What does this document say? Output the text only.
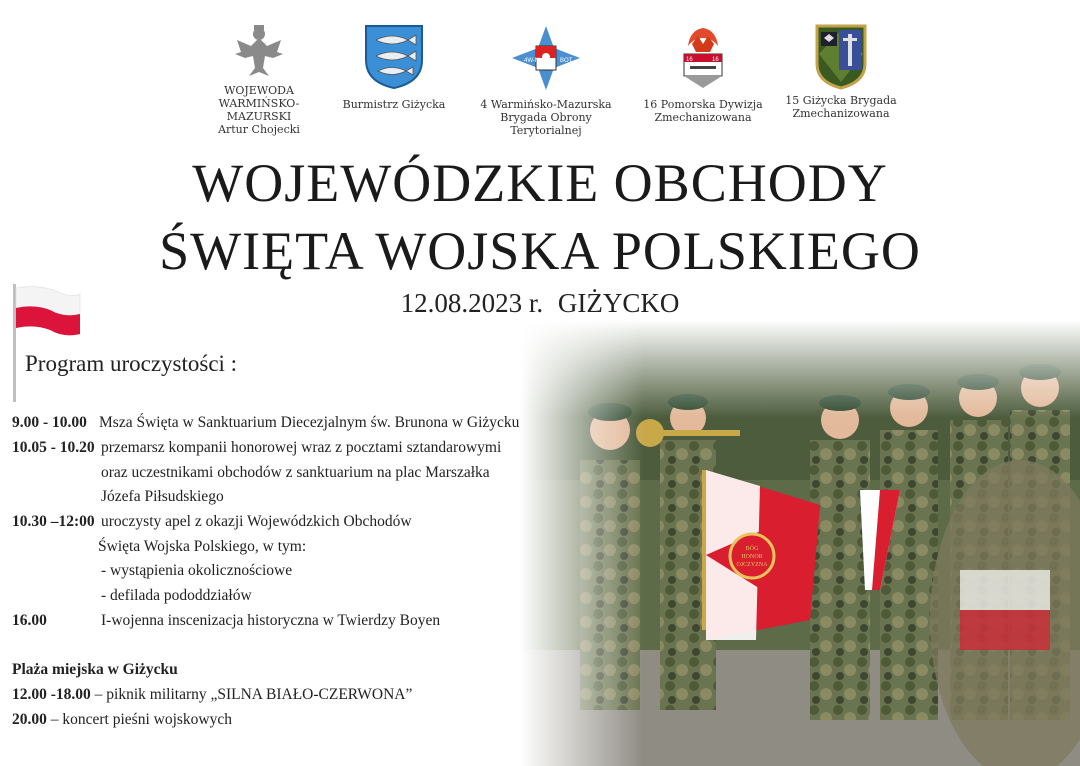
WOJEWODA
WARMIŃSKO-MAZURSKI
Artur Chojecki
Burmistrz Giżycka
4W-M	BOT
4 Warmińsko-Mazurska
Brygada Obrony Terytorialnej
16	16
16 Pomorska Dywizja
Zmechanizowana
15 Giżycka Brygada
Zmechanizowana
WOJEWÓDZKIE OBCHODY
ŚWIĘTA WOJSKA POLSKIEGO
12.08.2023 r. GIŻYCKO
Program uroczystości :
9.00 - 10.00 Msza Święta w Sanktuarium Diecezjalnym św. Brunona w Giżycku
10.05 - 10.20 przemarsz kompanii honorowej wraz z pocztami sztandarowymi
oraz uczestnikami obchodów z sanktuarium na plac Marszałka
Józefa Piłsudskiego
10.30 –12:00 uroczysty apel z okazji Wojewódzkich Obchodów
Święta Wojska Polskiego, w tym:
- wystąpienia okolicznościowe
- defilada pododdziałów
16.00	I-wojenna inscenizacja historyczna w Twierdzy Boyen
Plaża miejska w Giżycku
12.00 -18.00 – piknik militarny „SILNA BIAŁO-CZERWONA”
20.00 – koncert pieśni wojskowych
